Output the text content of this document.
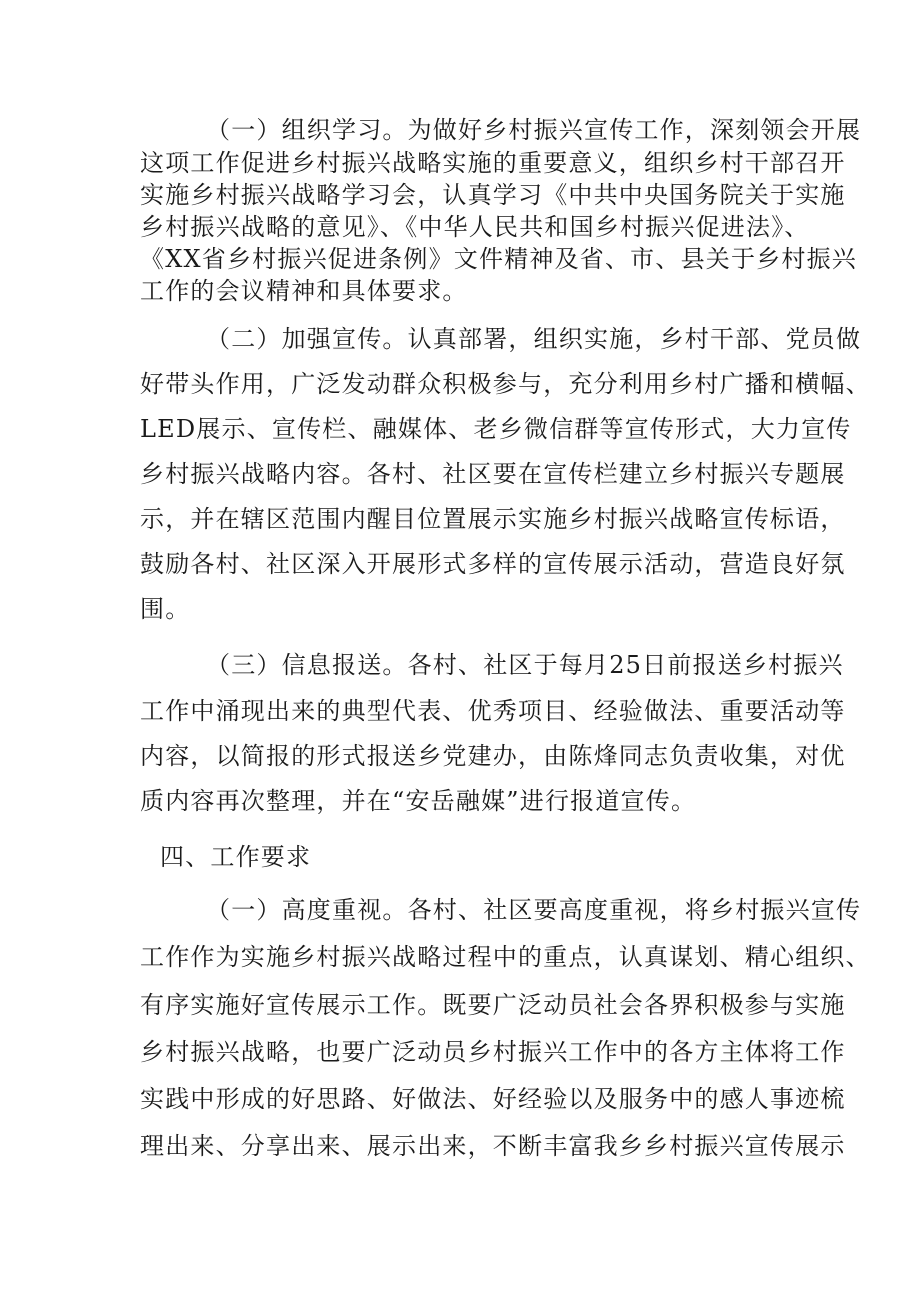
（一）组织学习。为做好乡村振兴宣传工作，深刻领会开展
这项工作促进乡村振兴战略实施的重要意义，组织乡村干部召开
实施乡村振兴战略学习会，认真学习《中共中央国务院关于实施
乡村振兴战略的意见》、《中华人民共和国乡村振兴促进法》、
《XX省乡村振兴促进条例》文件精神及省、市、县关于乡村振兴
工作的会议精神和具体要求。
（二）加强宣传。认真部署，组织实施，乡村干部、党员做
好带头作用，广泛发动群众积极参与，充分利用乡村广播和横幅、
LED展示、宣传栏、融媒体、老乡微信群等宣传形式，大力宣传
乡村振兴战略内容。各村、社区要在宣传栏建立乡村振兴专题展
示，并在辖区范围内醒目位置展示实施乡村振兴战略宣传标语，
鼓励各村、社区深入开展形式多样的宣传展示活动，营造良好氛
围。
（三）信息报送。各村、社区于每月25日前报送乡村振兴
工作中涌现出来的典型代表、优秀项目、经验做法、重要活动等
内容，以简报的形式报送乡党建办，由陈烽同志负责收集，对优
质内容再次整理，并在“安岳融媒”进行报道宣传。
四、工作要求
（一）高度重视。各村、社区要高度重视，将乡村振兴宣传
工作作为实施乡村振兴战略过程中的重点，认真谋划、精心组织、
有序实施好宣传展示工作。既要广泛动员社会各界积极参与实施
乡村振兴战略，也要广泛动员乡村振兴工作中的各方主体将工作
实践中形成的好思路、好做法、好经验以及服务中的感人事迹梳
理出来、分享出来、展示出来，不断丰富我乡乡村振兴宣传展示
